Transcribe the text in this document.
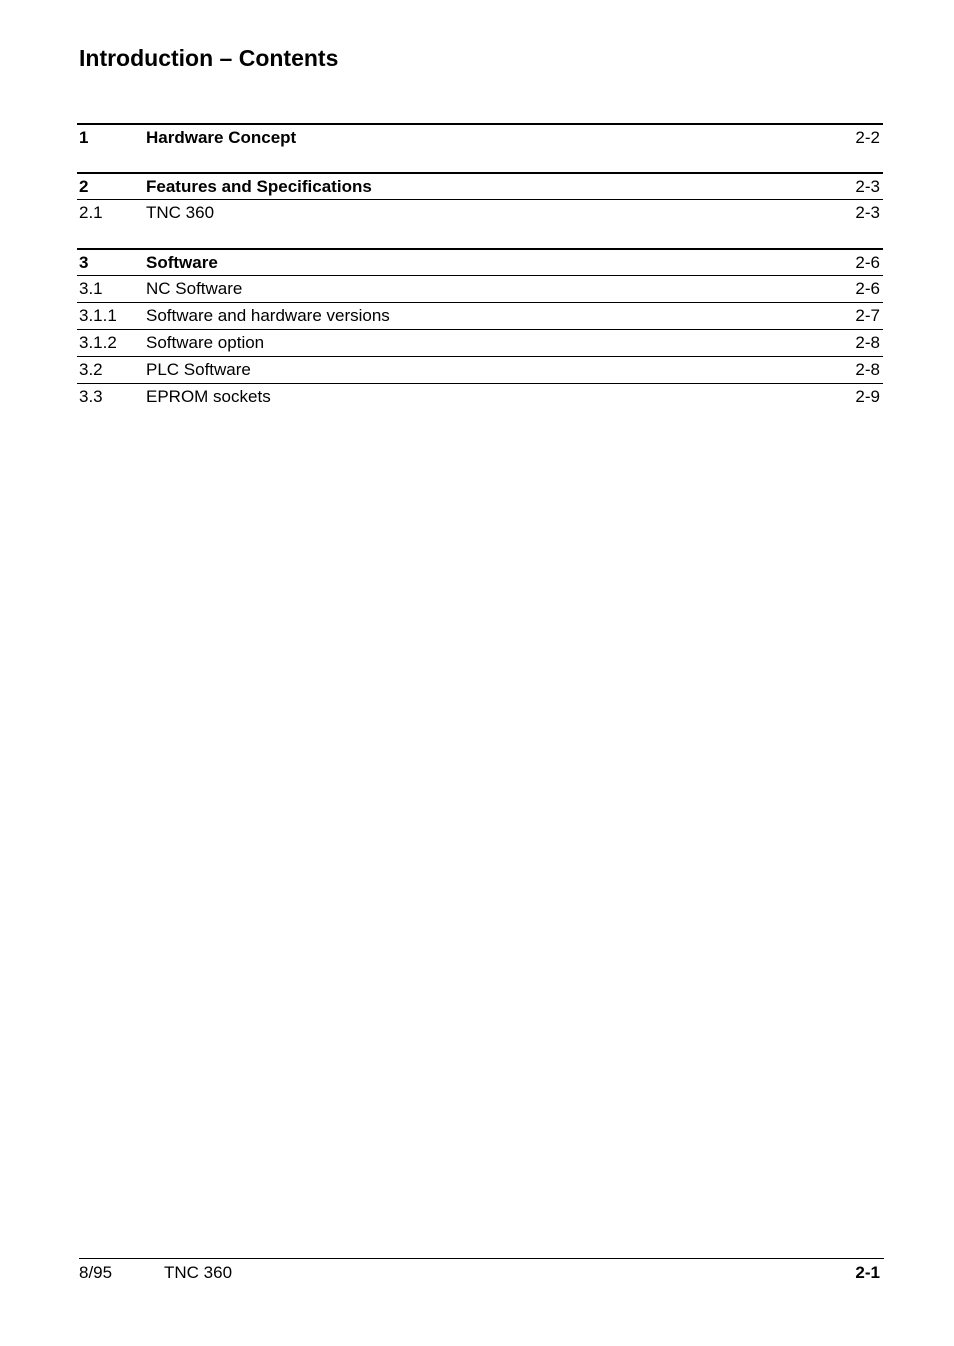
Introduction – Contents
1	Hardware Concept	2-2
2	Features and Specifications	2-3
2.1	TNC 360	2-3
3	Software	2-6
3.1	NC Software	2-6
3.1.1 Software and hardware versions	2-7
3.1.2 Software option	2-8
3.2	PLC Software	2-8
3.3	EPROM sockets	2-9
8/95	TNC 360	2-1
